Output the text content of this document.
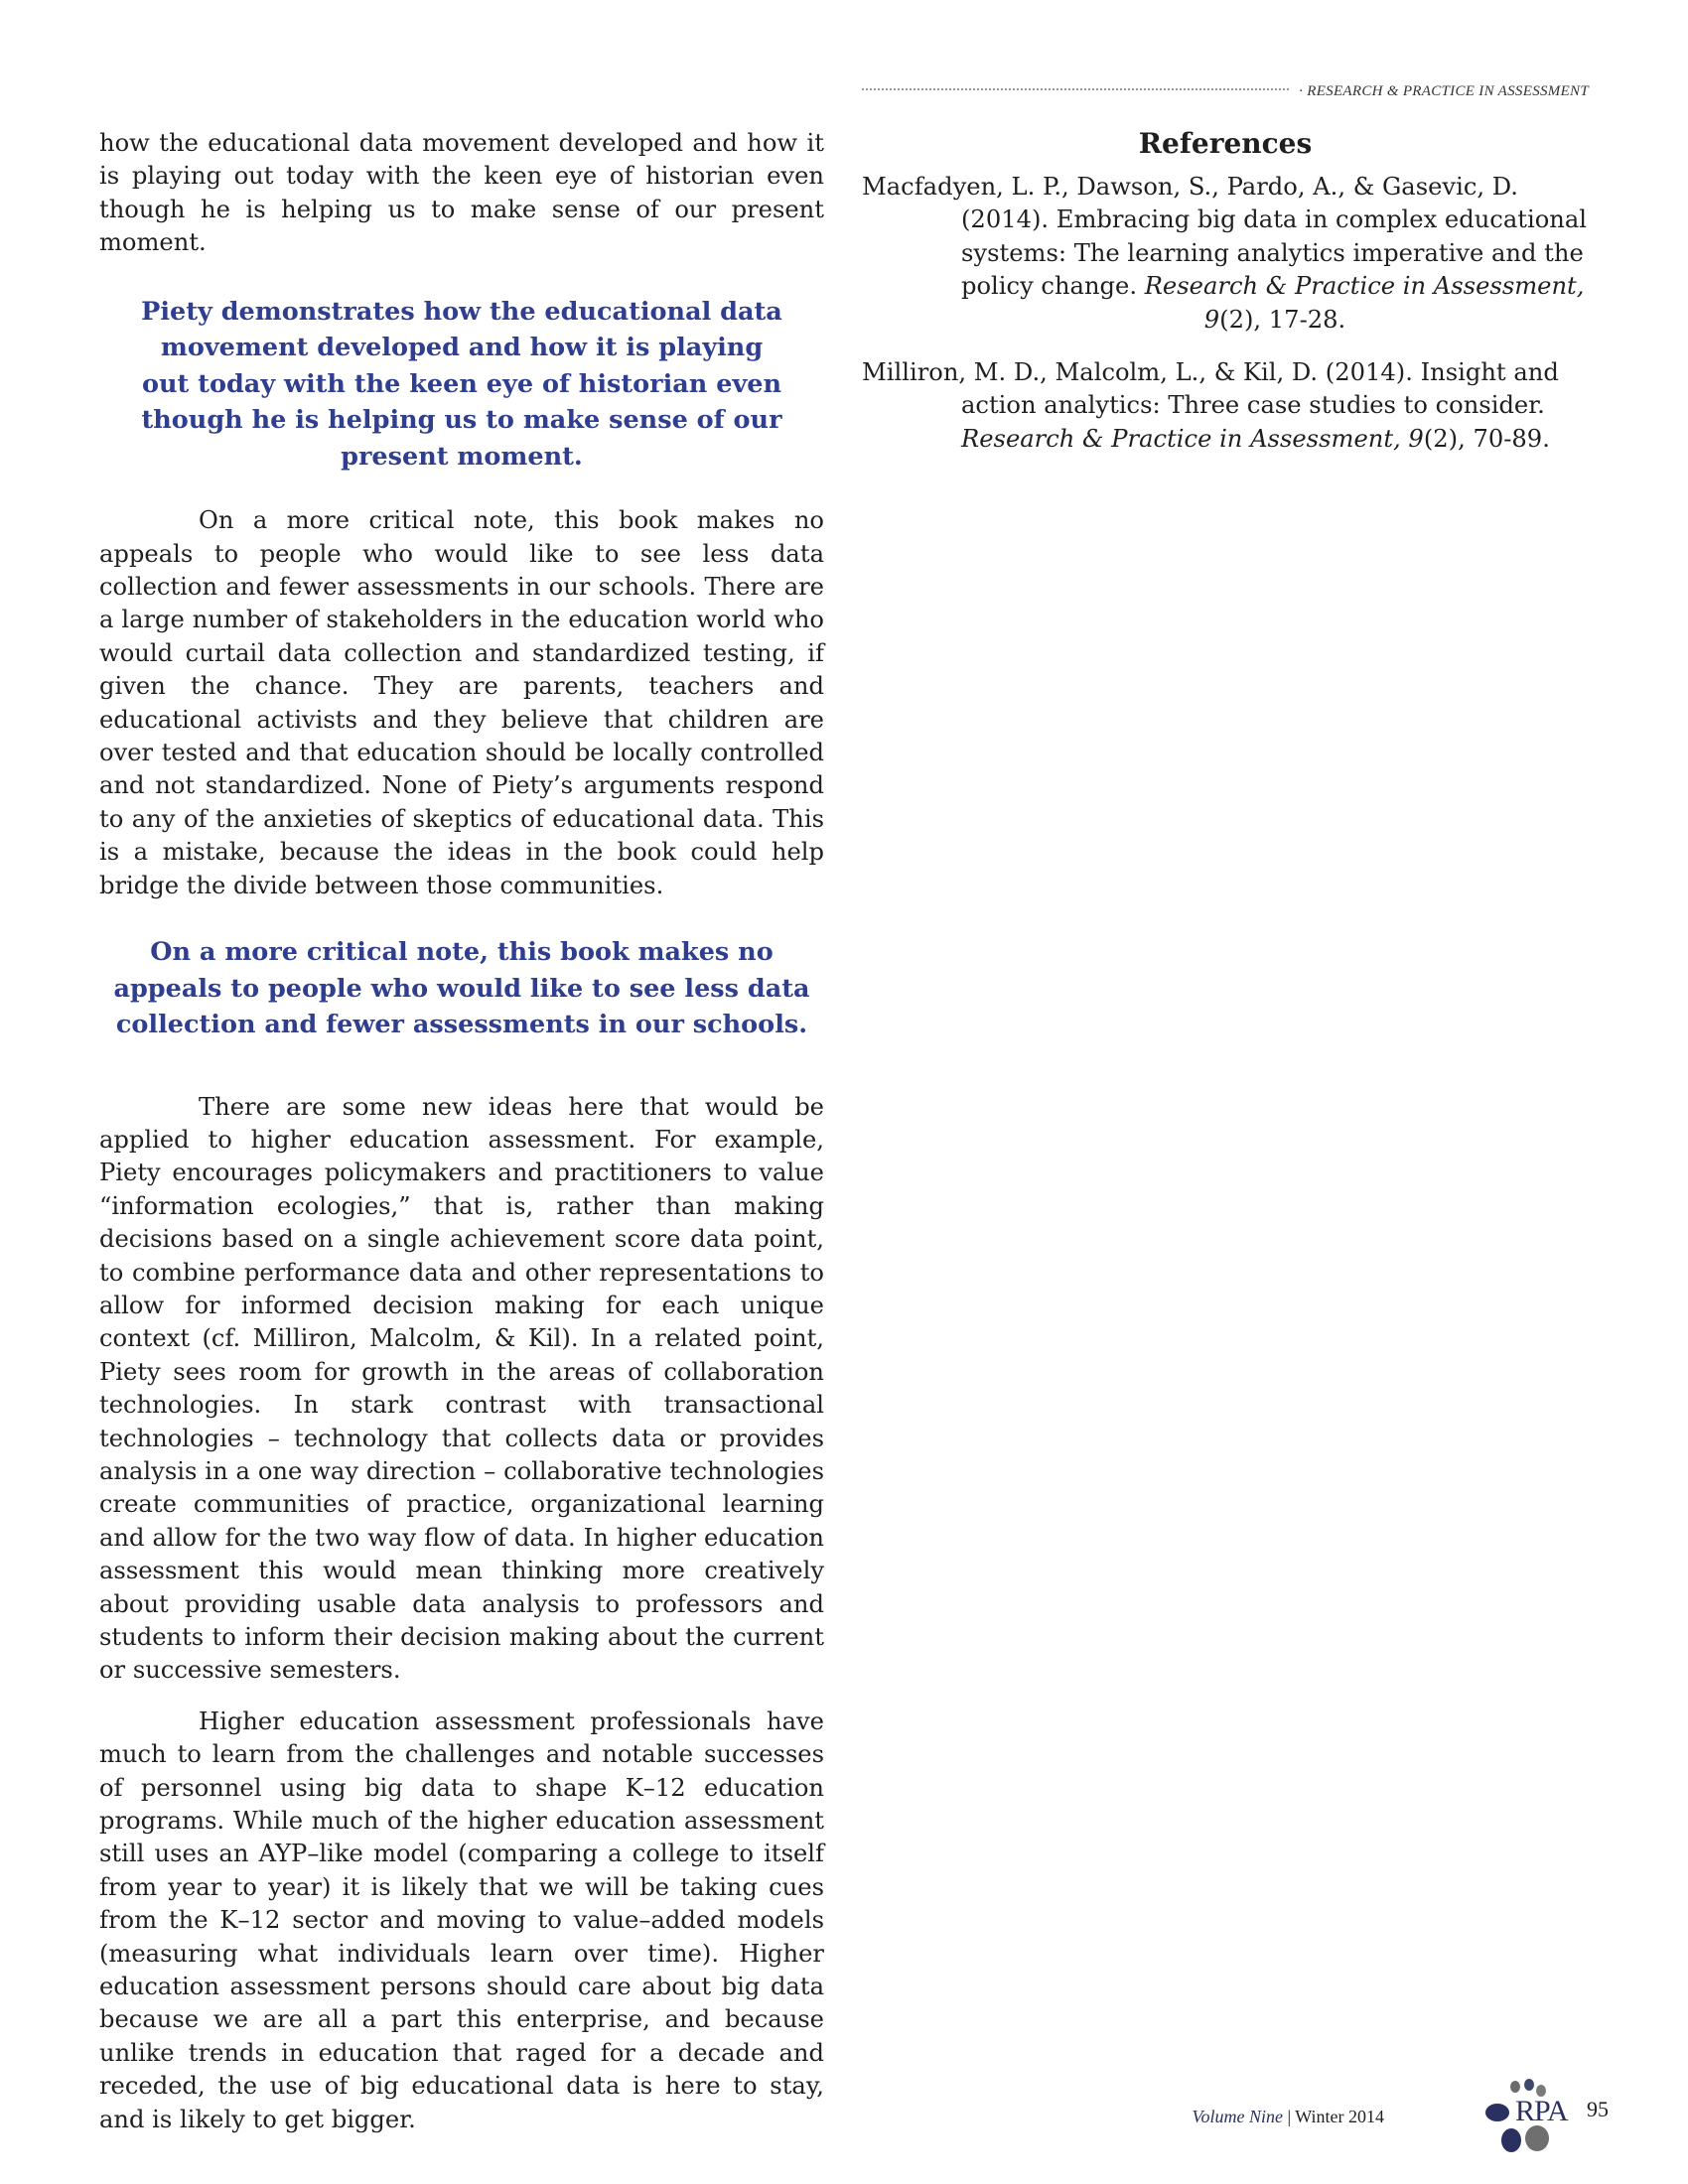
· RESEARCH & PRACTICE IN ASSESSMENT

how the educational data movement developed and how it is playing out today with the keen eye of historian even though he is helping us to make sense of our present moment.

Piety demonstrates how the educational data movement developed and how it is playing out today with the keen eye of historian even though he is helping us to make sense of our present moment.

On a more critical note, this book makes no appeals to people who would like to see less data collection and fewer assessments in our schools. There are a large number of stakeholders in the education world who would curtail data collection and standardized testing, if given the chance. They are parents, teachers and educational activists and they believe that children are over tested and that education should be locally controlled and not standardized. None of Piety’s arguments respond to any of the anxieties of skeptics of educational data. This is a mistake, because the ideas in the book could help bridge the divide between those communities.

On a more critical note, this book makes no appeals to people who would like to see less data collection and fewer assessments in our schools.

There are some new ideas here that would be applied to higher education assessment. For example, Piety encourages policymakers and practitioners to value “information ecologies,” that is, rather than making decisions based on a single achievement score data point, to combine performance data and other representations to allow for informed decision making for each unique context (cf. Milliron, Malcolm, & Kil). In a related point, Piety sees room for growth in the areas of collaboration technologies. In stark contrast with transactional technologies – technology that collects data or provides analysis in a one way direction – collaborative technologies create communities of practice, organizational learning and allow for the two way flow of data. In higher education assessment this would mean thinking more creatively about providing usable data analysis to professors and students to inform their decision making about the current or successive semesters.

Higher education assessment professionals have much to learn from the challenges and notable successes of personnel using big data to shape K–12 education programs. While much of the higher education assessment still uses an AYP–like model (comparing a college to itself from year to year) it is likely that we will be taking cues from the K–12 sector and moving to value–added models (measuring what individuals learn over time). Higher education assessment persons should care about big data because we are all a part this enterprise, and because unlike trends in education that raged for a decade and receded, the use of big educational data is here to stay, and is likely to get bigger.

References

Macfadyen, L. P., Dawson, S., Pardo, A., & Gasevic, D. (2014). Embracing big data in complex educational systems: The learning analytics imperative and the policy change. Research & Practice in Assessment,
9(2), 17-28.

Milliron, M. D., Malcolm, L., & Kil, D. (2014). Insight and action analytics: Three case studies to consider. Research & Practice in Assessment, 9(2), 70-89.

Volume Nine | Winter 2014	RPA 95
